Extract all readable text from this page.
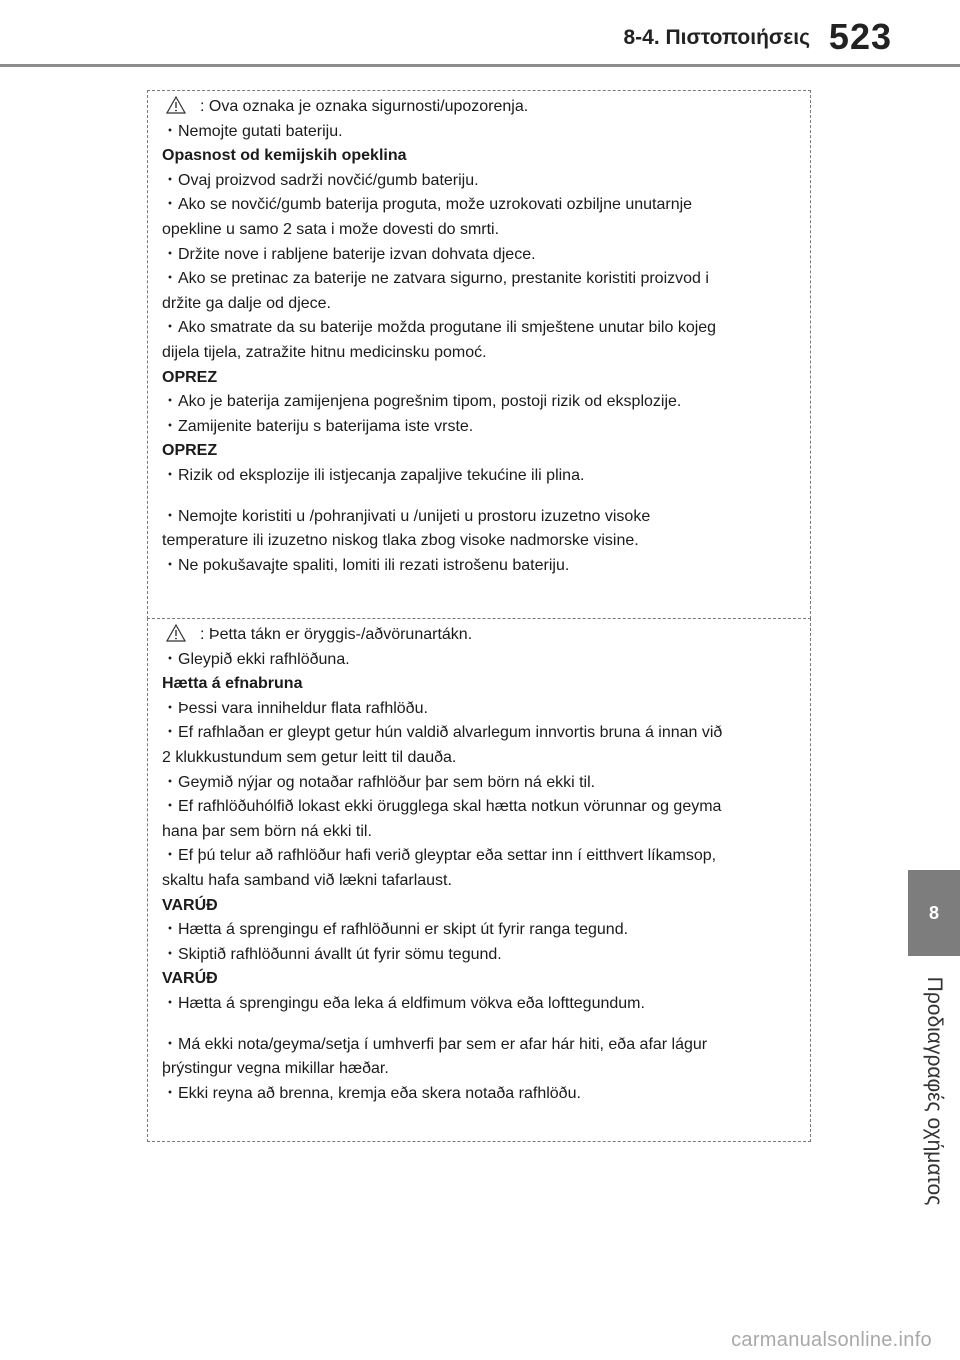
8-4. Πιστοποιήσεις 523
8
Προδιαγραφές οχήματος
: Ova oznaka je oznaka sigurnosti/upozorenja.
・Nemojte gutati bateriju.
Opasnost od kemijskih opeklina
・Ovaj proizvod sadrži novčić/gumb bateriju.
・Ako se novčić/gumb baterija proguta, može uzrokovati ozbiljne unutarnje
opekline u samo 2 sata i može dovesti do smrti.
・Držite nove i rabljene baterije izvan dohvata djece.
・Ako se pretinac za baterije ne zatvara sigurno, prestanite koristiti proizvod i
držite ga dalje od djece.
・Ako smatrate da su baterije možda progutane ili smještene unutar bilo kojeg
dijela tijela, zatražite hitnu medicinsku pomoć.
OPREZ
・Ako je baterija zamijenjena pogrešnim tipom, postoji rizik od eksplozije.
・Zamijenite bateriju s baterijama iste vrste.
OPREZ
・Rizik od eksplozije ili istjecanja zapaljive tekućine ili plina.
・Nemojte koristiti u /pohranjivati u /unijeti u prostoru izuzetno visoke
temperature ili izuzetno niskog tlaka zbog visoke nadmorske visine.
・Ne pokušavajte spaliti, lomiti ili rezati istrošenu bateriju.
: Þetta tákn er öryggis-/aðvörunartákn.
・Gleypið ekki rafhlöðuna.
Hætta á efnabruna
・Þessi vara inniheldur flata rafhlöðu.
・Ef rafhlaðan er gleypt getur hún valdið alvarlegum innvortis bruna á innan við
2 klukkustundum sem getur leitt til dauða.
・Geymið nýjar og notaðar rafhlöður þar sem börn ná ekki til.
・Ef rafhlöðuhólfið lokast ekki örugglega skal hætta notkun vörunnar og geyma
hana þar sem börn ná ekki til.
・Ef þú telur að rafhlöður hafi verið gleyptar eða settar inn í eitthvert líkamsop,
skaltu hafa samband við lækni tafarlaust.
VARÚÐ
・Hætta á sprengingu ef rafhlöðunni er skipt út fyrir ranga tegund.
・Skiptið rafhlöðunni ávallt út fyrir sömu tegund.
VARÚÐ
・Hætta á sprengingu eða leka á eldfimum vökva eða lofttegundum.
・Má ekki nota/geyma/setja í umhverfi þar sem er afar hár hiti, eða afar lágur
þrýstingur vegna mikillar hæðar.
・Ekki reyna að brenna, kremja eða skera notaða rafhlöðu.
carmanualsonline.info
